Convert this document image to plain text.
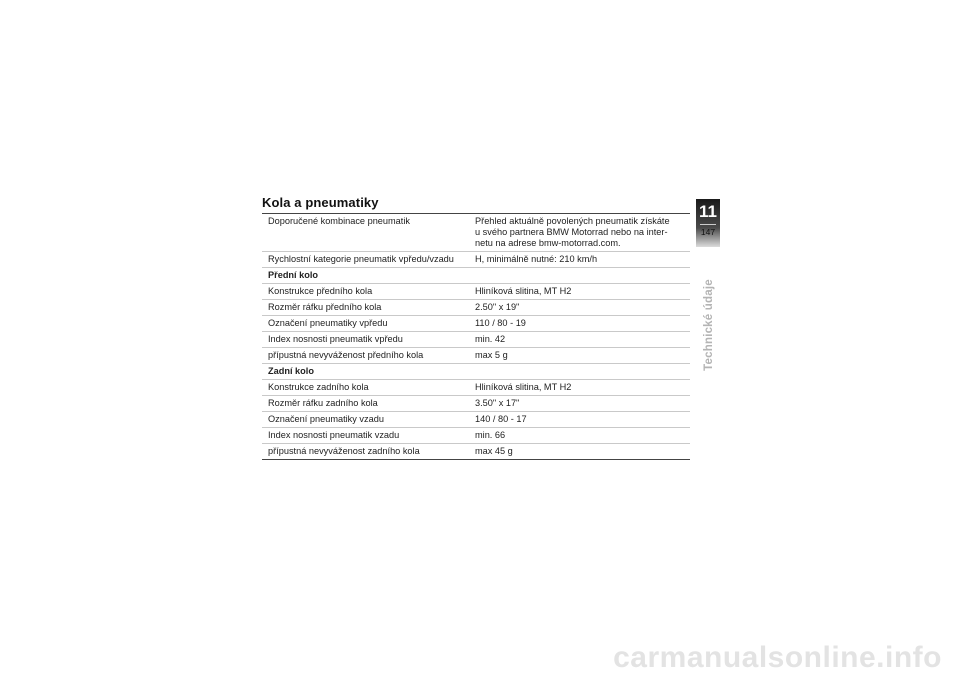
Kola a pneumatiky
Doporučené kombinace pneumatik	Přehled aktuálně povolených pneumatik získáte
u svého partnera BMW Motorrad nebo na inter-
netu na adrese bmw-motorrad.com.
Rychlostní kategorie pneumatik vpředu/vzadu	H, minimálně nutné: 210 km/h
Přední kolo
Konstrukce předního kola	Hliníková slitina, MT H2
Rozměr ráfku předního kola	2.50" x 19"
Označení pneumatiky vpředu	110 / 80 - 19
Index nosnosti pneumatik vpředu	min. 42
přípustná nevyváženost předního kola	max 5 g
Zadní kolo
Konstrukce zadního kola	Hliníková slitina, MT H2
Rozměr ráfku zadního kola	3.50" x 17"
Označení pneumatiky vzadu	140 / 80 - 17
Index nosnosti pneumatik vzadu	min. 66
přípustná nevyváženost zadního kola	max 45 g
11
147
Technické údaje
carmanualsonline.info
